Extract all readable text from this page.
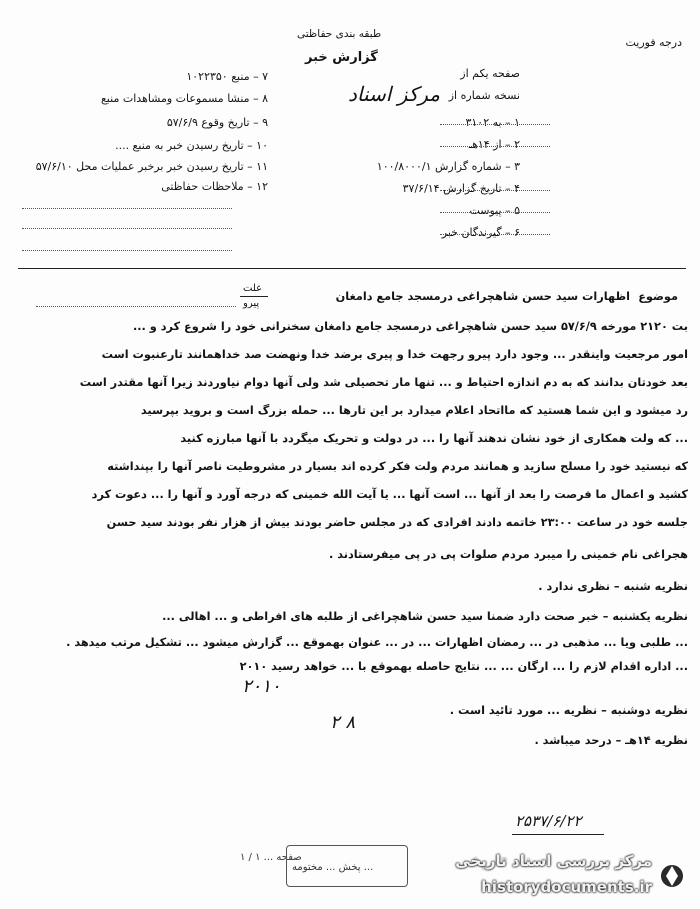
درجه فوریت
طبقه بندی حفاظتی
گزارش خبر
صفحه یکم از
نسخه شماره از
مرکز اسناد
۱ – به ۳۱۰۲
۲ – از ۱۴هـ
۳ – شماره گزارش ۱۰۰/۸۰۰۰/۱
۴ – تاریخ گزارش ۳۷/۶/۱۴
۵ – پیوست
۶ – گیرندگان خبر
۷ – منبع ۱۰۲۲۳۵۰
۸ – منشا مسموعات ومشاهدات منبع
۹ – تاریخ وقوع ۵۷/۶/۹
۱۰ – تاریخ رسیدن خبر به منبع ....
۱۱ – تاریخ رسیدن خبر برخبر عملیات محل ۵۷/۶/۱۰
۱۲ – ملاحظات حفاظتی
موضوع
اظهارات سید حسن شاهچراغی درمسجد جامع دامغان
علت
پیرو
بت ۲۱۲۰ مورخه ۵۷/۶/۹ سید حسن شاهچراغی درمسجد جامع دامغان سخنرانی خود را شروع کرد و ...
امور مرجعیت واینقدر ... وجود دارد پیرو رجهت خدا و پیری برضد خدا ونهضت صد خداهمانند تارعنبوت است
بعد خودتان بدانند که به دم اندازه احتیاط و ... تنها مار تحصیلی شد ولی آنها دوام نیاوردند زیرا آنها مقتدر است
رد میشود و این شما هستید که مااتحاد اعلام میدارد بر این تارها ... حمله بزرگ است و بروید بپرسید
... که ولت همکاری از خود نشان ندهند آنها را ... در دولت و تحریک میگردد با آنها مبارزه کنید
که نیستید خود را مسلح سازید و همانند مردم ولت فکر کرده اند بسیار در مشروطیت ناصر آنها را بپنداشته
کشید و اعمال ما فرصت را بعد از آنها ... است آنها ... یا آیت الله خمینی که درجه آورد و آنها را ... دعوت کرد
جلسه خود در ساعت ۲۳:۰۰ خاتمه دادند افرادی که در مجلس حاضر بودند بیش از هزار نفر بودند سید حسن
هجراغی نام خمینی را میبرد مردم صلوات پی در پی میفرستادند .
نظریه شنبه – نظری ندارد .
نظریه یکشنبه – خبر صحت دارد ضمنا سید حسن شاهچراغی از طلبه های افراطی و ... اهالی ...
... طلبی ویا ... مذهبی در ... رمضان اظهارات ... در ... عنوان بهموقع ... گزارش میشود ... تشکیل مرتب میدهد .
... اداره اقدام لازم را ... ارگان ... ... نتایج حاصله بهموقع با ... خواهد رسید ۲۰۱۰
نظریه دوشنبه – نظریه ... مورد تائید است .
نظریه ۱۴هـ – درحد میباشد .
۲۰۱۰
۸ ۲
۲۵۳۷/۶/۲۲
صفحه ... ۱ / ۱
... پخش ... مختومه	مرکز بررسی اسناد تاریخی
historydocuments.ir
